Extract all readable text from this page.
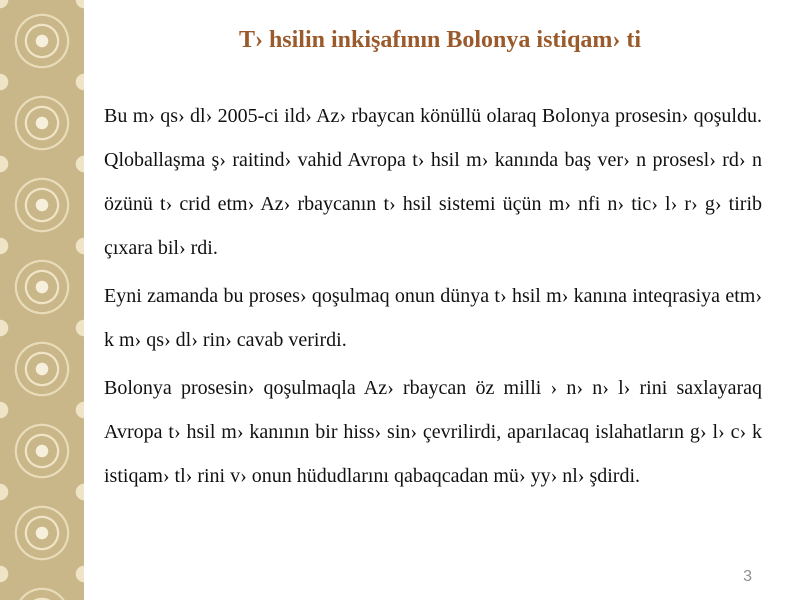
T› hsilin inkişafının Bolonya istiqam› ti

Bu m› qs› dl› 2005-ci ild› Az› rbaycan könüllü olaraq Bolonya prosesin› qoşuldu. Qloballaşma ş› raitind› vahid Avropa t› hsil m› kanında baş ver› n prosesl› rd› n özünü t› crid etm› Az› rbaycanın t› hsil sistemi üçün m› nfi n› tic› l› r› g› tirib çıxara bil› rdi.

Eyni zamanda bu proses› qoşulmaq onun dünya t› hsil m› kanına inteqrasiya etm› k m› qs› dl› rin› cavab verirdi.

Bolonya prosesin› qoşulmaqla Az› rbaycan öz milli › n› n› l› rini saxlayaraq Avropa t› hsil m› kanının bir hiss› sin› çevrilirdi, aparılacaq islahatların g› l› c› k istiqam› tl› rini v› onun hüdudlarını qabaqcadan mü› yy› nl› şdirdi.

3
